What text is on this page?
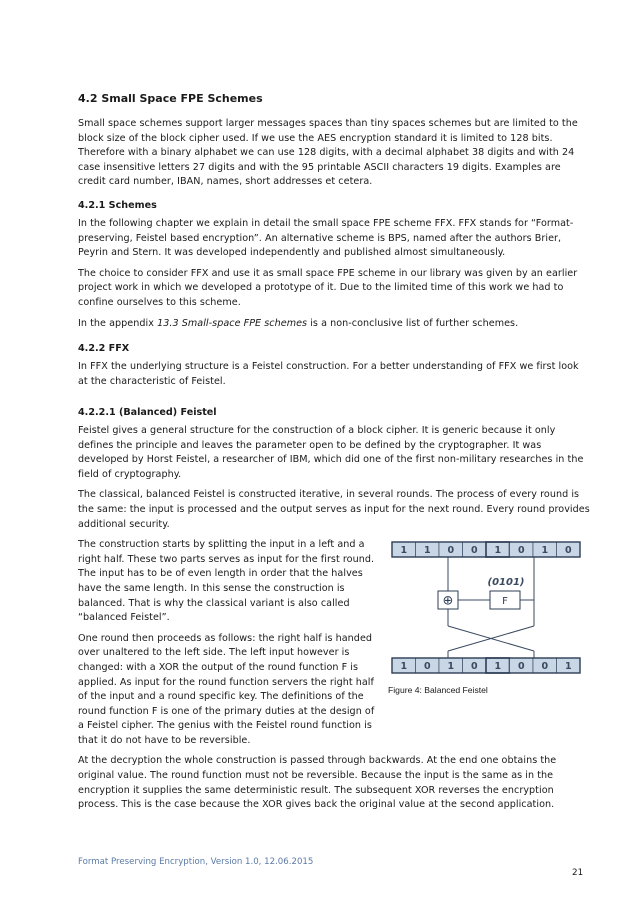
4.2 Small Space FPE Schemes

Small space schemes support larger messages spaces than tiny spaces schemes but are limited to the block size of the block cipher used. If we use the AES encryption standard it is limited to 128 bits. Therefore with a binary alphabet we can use 128 digits, with a decimal alphabet 38 digits and with 24 case insensitive letters 27 digits and with the 95 printable ASCII characters 19 digits. Examples are credit card number, IBAN, names, short addresses et cetera.

4.2.1 Schemes

In the following chapter we explain in detail the small space FPE scheme FFX. FFX stands for “Format-preserving, Feistel based encryption”. An alternative scheme is BPS, named after the authors Brier, Peyrin and Stern. It was developed independently and published almost simultaneously.

The choice to consider FFX and use it as small space FPE scheme in our library was given by an earlier project work in which we developed a prototype of it. Due to the limited time of this work we had to confine ourselves to this scheme.

In the appendix 13.3 Small-space FPE schemes is a non-conclusive list of further schemes.

4.2.2 FFX

In FFX the underlying structure is a Feistel construction. For a better understanding of FFX we first look at the characteristic of Feistel.

4.2.2.1 (Balanced) Feistel

Feistel gives a general structure for the construction of a block cipher. It is generic because it only defines the principle and leaves the parameter open to be defined by the cryptographer. It was developed by Horst Feistel, a researcher of IBM, which did one of the first non-military researches in the field of cryptography.

The classical, balanced Feistel is constructed iterative, in several rounds. The process of every round is the same: the input is processed and the output serves as input for the next round. Every round provides additional security.

The construction starts by splitting the input in a left and a right half. These two parts serves as input for the first round. The input has to be of even length in order that the halves have the same length. In this sense the construction is balanced. That is why the classical variant is also called “balanced Feistel”.

One round then proceeds as follows: the right half is handed over unaltered to the left side. The left input however is changed: with a XOR the output of the round function F is applied. As input for the round function servers the right half of the input and a round specific key. The definitions of the round function F is one of the primary duties at the design of a Feistel cipher. The genius with the Feistel round function is that it do not have to be reversible.

At the decryption the whole construction is passed through backwards. At the end one obtains the original value. The round function must not be reversible. Because the input is the same as in the encryption it supplies the same deterministic result. The subsequent XOR reverses the encryption process. This is the case because the XOR gives back the original value at the second application.

1 1 0 0 1 0 1 0
1 0 1 0 1 0 0 1
⊕	F
(0101)
Figure 4: Balanced Feistel
Format Preserving Encryption, Version 1.0, 12.06.2015
21
